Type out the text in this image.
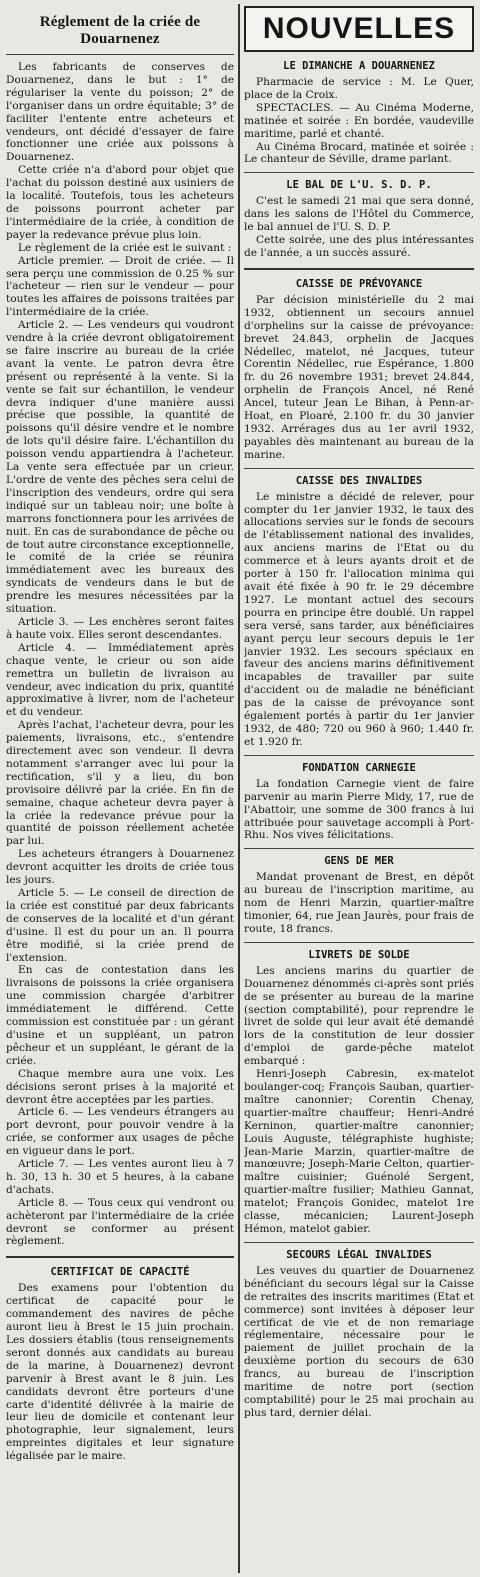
Réglement de la criée de Douarnenez

Les fabricants de conserves de Douarnenez, dans le but : 1° de régulariser la vente du poisson; 2° de l'organiser dans un ordre équitable; 3° de faciliter l'entente entre acheteurs et vendeurs, ont décidé d'essayer de faire fonctionner une criée aux poissons à Douarnenez.

Cette criée n'a d'abord pour objet que l'achat du poisson destiné aux usiniers de la localité. Toutefois, tous les acheteurs de poissons pourront acheter par l'intermédiaire de la criée, à condition de payer la redevance prévue plus loin.

Le règlement de la criée est le suivant :

Article premier. — Droit de criée. — Il sera perçu une commission de 0.25 % sur l'acheteur — rien sur le vendeur — pour toutes les affaires de poissons traitées par l'intermédiaire de la criée.

Article 2. — Les vendeurs qui voudront vendre à la criée devront obligatoirement se faire inscrire au bureau de la criée avant la vente. Le patron devra être présent ou représenté à la vente. Si la vente se fait sur échantillon, le vendeur devra indiquer d'une manière aussi précise que possible, la quantité de poissons qu'il désire vendre et le nombre de lots qu'il désire faire. L'échantillon du poisson vendu appartiendra à l'acheteur. La vente sera effectuée par un crieur. L'ordre de vente des pêches sera celui de l'inscription des vendeurs, ordre qui sera indiqué sur un tableau noir; une boîte à marrons fonctionnera pour les arrivées de nuit. En cas de surabondance de pêche ou de tout autre circonstance exceptionnelle, le comité de la criée se réunira immédiatement avec les bureaux des syndicats de vendeurs dans le but de prendre les mesures nécessitées par la situation.

Article 3. — Les enchères seront faites à haute voix. Elles seront descendantes.

Article 4. — Immédiatement après chaque vente, le crieur ou son aide remettra un bulletin de livraison au vendeur, avec indication du prix, quantité approximative à livrer, nom de l'acheteur et du vendeur.

Après l'achat, l'acheteur devra, pour les paiements, livraisons, etc., s'entendre directement avec son vendeur. Il devra notamment s'arranger avec lui pour la rectification, s'il y a lieu, du bon provisoire délivré par la criée. En fin de semaine, chaque acheteur devra payer à la criée la redevance prévue pour la quantité de poisson réellement achetée par lui.

Les acheteurs étrangers à Douarnenez devront acquitter les droits de criée tous les jours.

Article 5. — Le conseil de direction de la criée est constitué par deux fabricants de conserves de la localité et d'un gérant d'usine. Il est du pour un an. Il pourra être modifié, si la criée prend de l'extension.

En cas de contestation dans les livraisons de poissons la criée organisera une commission chargée d'arbitrer immédiatement le différend. Cette commission est constituée par : un gérant d'usine et un suppléant, un patron pêcheur et un suppléant, le gérant de la criée.

Chaque membre aura une voix. Les décisions seront prises à la majorité et devront être acceptées par les parties.

Article 6. — Les vendeurs étrangers au port devront, pour pouvoir vendre à la criée, se conformer aux usages de pêche en vigueur dans le port.

Article 7. — Les ventes auront lieu à 7 h. 30, 13 h. 30 et 5 heures, à la cabane d'achats.

Article 8. — Tous ceux qui vendront ou achèteront par l'intermédiaire de la criée devront se conformer au présent règlement.

CERTIFICAT DE CAPACITÉ

Des examens pour l'obtention du certificat de capacité pour le commandement des navires de pêche auront lieu à Brest le 15 juin prochain. Les dossiers établis (tous renseignements seront donnés aux candidats au bureau de la marine, à Douarnenez) devront parvenir à Brest avant le 8 juin. Les candidats devront être porteurs d'une carte d'identité délivrée à la mairie de leur lieu de domicile et contenant leur photographie, leur signalement, leurs empreintes digitales et leur signature légalisée par le maire.

NOUVELLES
LE DIMANCHE A DOUARNENEZ

Pharmacie de service : M. Le Quer, place de la Croix.

SPECTACLES. — Au Cinéma Moderne, matinée et soirée : En bordée, vaudeville maritime, parlé et chanté.

Au Cinéma Brocard, matinée et soirée : Le chanteur de Séville, drame parlant.

LE BAL DE L'U. S. D. P.

C'est le samedi 21 mai que sera donné, dans les salons de l'Hôtel du Commerce, le bal annuel de l'U. S. D. P.

Cette soirée, une des plus intéressantes de l'année, a un succès assuré.

CAISSE DE PRÉVOYANCE

Par décision ministérielle du 2 mai 1932, obtiennent un secours annuel d'orphelins sur la caisse de prévoyance: brevet 24.843, orphelin de Jacques Nédellec, matelot, né Jacques, tuteur Corentin Nédellec, rue Espérance, 1.800 fr. du 26 novembre 1931; brevet 24.844, orphelin de François Ancel, né René Ancel, tuteur Jean Le Bihan, à Penn-ar-Hoat, en Ploaré, 2.100 fr. du 30 janvier 1932. Arrérages dus au 1er avril 1932, payables dès maintenant au bureau de la marine.

CAISSE DES INVALIDES

Le ministre a décidé de relever, pour compter du 1er janvier 1932, le taux des allocations servies sur le fonds de secours de l'établissement national des invalides, aux anciens marins de l'Etat ou du commerce et à leurs ayants droit et de porter à 150 fr. l'allocation minima qui avait été fixée à 90 fr. le 29 décembre 1927. Le montant actuel des secours pourra en principe être doublé. Un rappel sera versé, sans tarder, aux bénéficiaires ayant perçu leur secours depuis le 1er janvier 1932. Les secours spéciaux en faveur des anciens marins définitivement incapables de travailler par suite d'accident ou de maladie ne bénéficiant pas de la caisse de prévoyance sont également portés à partir du 1er janvier 1932, de 480; 720 ou 960 à 960; 1.440 fr. et 1.920 fr.

FONDATION CARNEGIE

La fondation Carnegie vient de faire parvenir au marin Pierre Midy, 17, rue de l'Abattoir, une somme de 300 francs à lui attribuée pour sauvetage accompli à Port-Rhu. Nos vives félicitations.

GENS DE MER

Mandat provenant de Brest, en dépôt au bureau de l'inscription maritime, au nom de Henri Marzin, quartier-maître timonier, 64, rue Jean Jaurès, pour frais de route, 18 francs.

LIVRETS DE SOLDE

Les anciens marins du quartier de Douarnenez dénommés ci-après sont priés de se présenter au bureau de la marine (section comptabilité), pour reprendre le livret de solde qui leur avait été demandé lors de la constitution de leur dossier d'emploi de garde-pêche matelot embarqué :

Henri-Joseph Cabresin, ex-matelot boulanger-coq; François Sauban, quartier-maître canonnier; Corentin Chenay, quartier-maître chauffeur; Henri-André Kerninon, quartier-maître canonnier; Louis Auguste, télégraphiste hughiste; Jean-Marie Marzin, quartier-maître de manœuvre; Joseph-Marie Celton, quartier-maître cuisinier; Guénolé Sergent, quartier-maître fusilier; Mathieu Gannat, matelot; François Gonidec, matelot 1re classe, mécanicien; Laurent-Joseph Hémon, matelot gabier.

SECOURS LÉGAL INVALIDES

Les veuves du quartier de Douarnenez bénéficiant du secours légal sur la Caisse de retraites des inscrits maritimes (Etat et commerce) sont invitées à déposer leur certificat de vie et de non remariage réglementaire, nécessaire pour le paiement de juillet prochain de la deuxième portion du secours de 630 francs, au bureau de l'inscription maritime de notre port (section comptabilité) pour le 25 mai prochain au plus tard, dernier délai.
